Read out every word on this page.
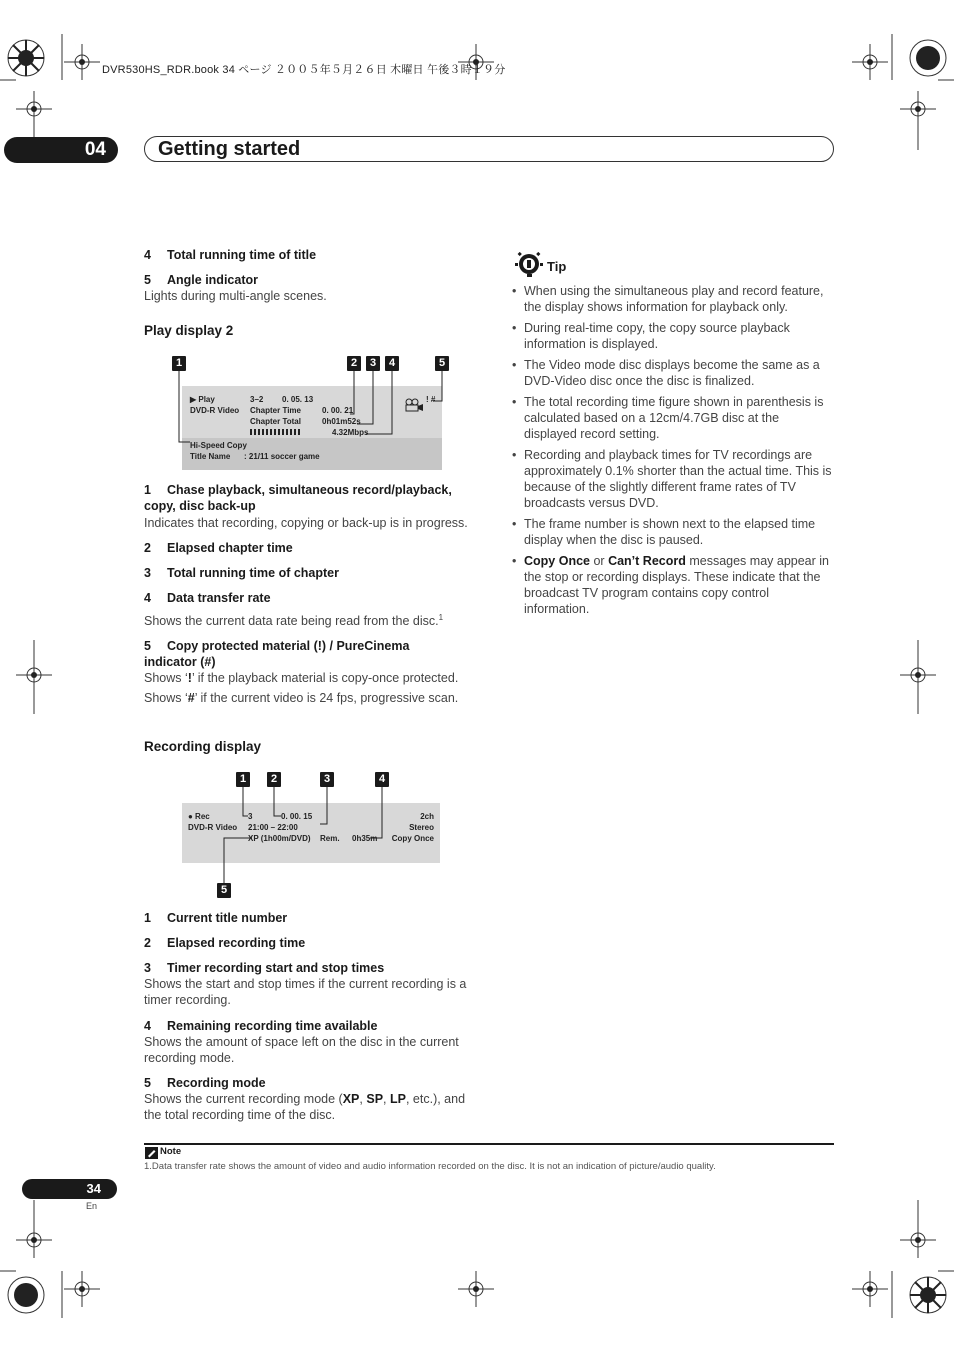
DVR530HS_RDR.book 34 ページ ２００５年５月２６日 木曜日 午後３時１９分
04	Getting started
4 Total running time of title
5 Angle indicator
Lights during multi-angle scenes.
Play display 2
1	2	3	4	5
▶ Play	3–2 0. 05. 13
DVD-R Video Chapter Time	0. 00. 21
Chapter Total	0h01m52s
4.32Mbps
! #
Hi-Speed Copy
Title Name : 21/11 soccer game
1 Chase playback, simultaneous record/playback,
copy, disc back-up
Indicates that recording, copying or back-up is in progress.
2 Elapsed chapter time
3 Total running time of chapter
4 Data transfer rate
Shows the current data rate being read from the disc.$^1$
5 Copy protected material (!) / PureCinema
indicator (#)
Shows ‘!’ if the playback material is copy-once protected.
Shows ‘#’ if the current video is 24 fps, progressive scan.
Recording display
1	2	3	4
5
● Rec
DVD-R Video
3	0. 00. 15
21:00 – 22:00
XP (1h00m/DVD) Rem. 0h35m
2ch
Stereo
Copy Once
1 Current title number
2 Elapsed recording time
3 Timer recording start and stop times
Shows the start and stop times if the current recording is a timer recording.
4 Remaining recording time available
Shows the amount of space left on the disc in the current recording mode.
5 Recording mode
Shows the current recording mode (XP, SP, LP, etc.), and the total recording time of the disc.
Tip
• When using the simultaneous play and record feature, the display shows information for playback only.
• During real-time copy, the copy source playback information is displayed.
• The Video mode disc displays become the same as a DVD-Video disc once the disc is finalized.
• The total recording time figure shown in parenthesis is calculated based on a 12cm/4.7GB disc at the displayed record setting.
• Recording and playback times for TV recordings are approximately 0.1% shorter than the actual time. This is because of the slightly different frame rates of TV broadcasts versus DVD.
• The frame number is shown next to the elapsed time display when the disc is paused.
• Copy Once or Can’t Record messages may appear in the stop or recording displays. These indicate that the broadcast TV program contains copy control information.
Note
1.Data transfer rate shows the amount of video and audio information recorded on the disc. It is not an indication of picture/audio quality.
34
En
